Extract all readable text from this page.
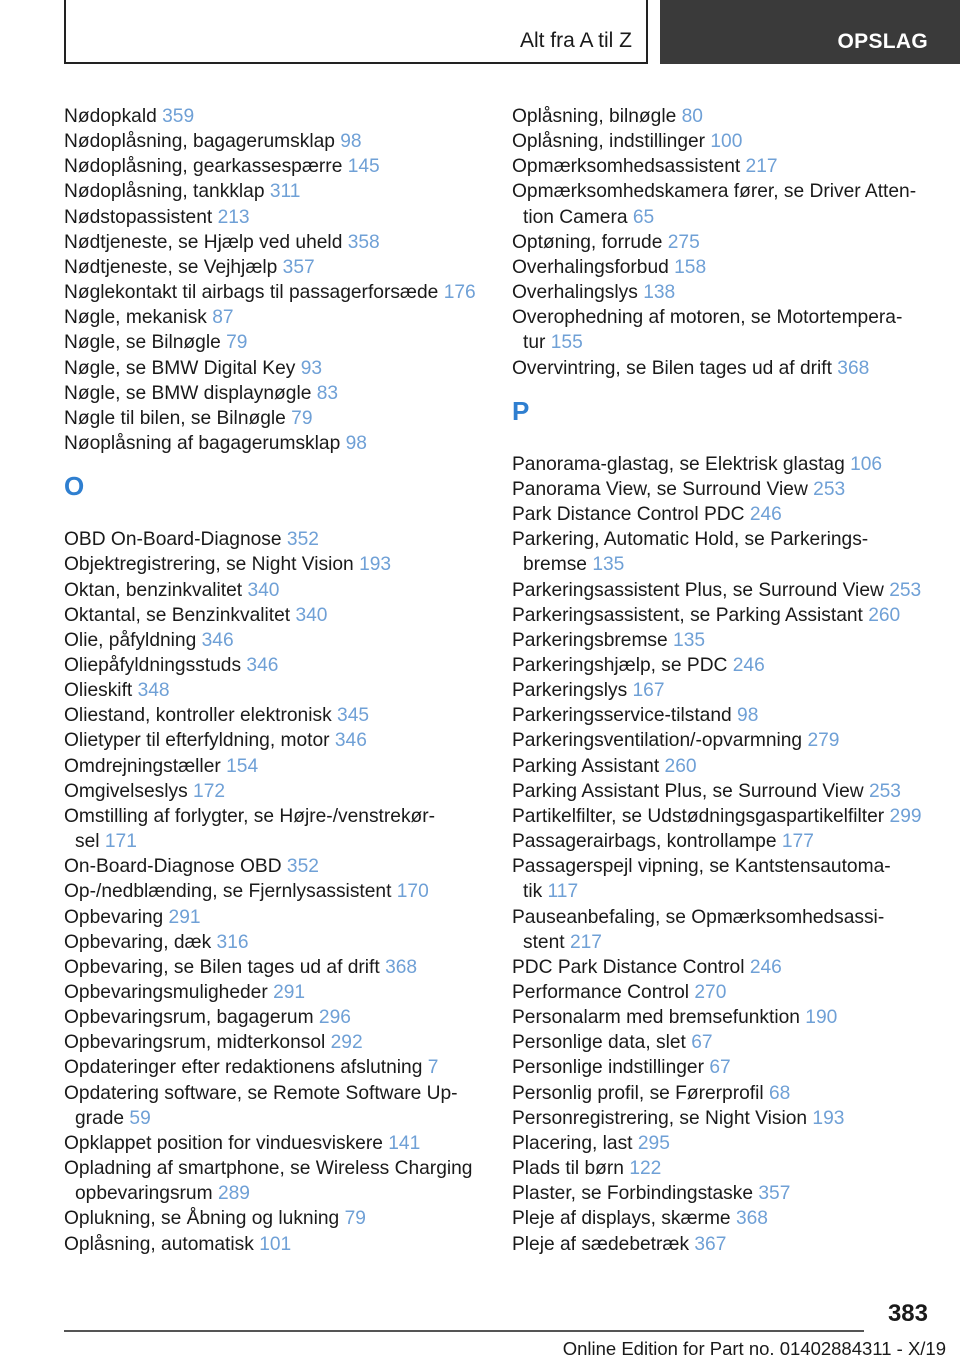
Alt fra A til Z	OPSLAG
Nødopkald 359
Nødoplåsning, bagagerumsklap 98
Nødoplåsning, gearkassespærre 145
Nødoplåsning, tankklap 311
Nødstopassistent 213
Nødtjeneste, se Hjælp ved uheld 358
Nødtjeneste, se Vejhjælp 357
Nøglekontakt til airbags til passagerforsæde 176
Nøgle, mekanisk 87
Nøgle, se Bilnøgle 79
Nøgle, se BMW Digital Key 93
Nøgle, se BMW displaynøgle 83
Nøgle til bilen, se Bilnøgle 79
Nøoplåsning af bagagerumsklap 98
O
OBD On-Board-Diagnose 352
Objektregistrering, se Night Vision 193
Oktan, benzinkvalitet 340
Oktantal, se Benzinkvalitet 340
Olie, påfyldning 346
Oliepåfyldningsstuds 346
Olieskift 348
Oliestand, kontroller elektronisk 345
Olietyper til efterfyldning, motor 346
Omdrejningstæller 154
Omgivelseslys 172
Omstilling af forlygter, se Højre-/venstrekør-
sel 171
On-Board-Diagnose OBD 352
Op-/nedblænding, se Fjernlysassistent 170
Opbevaring 291
Opbevaring, dæk 316
Opbevaring, se Bilen tages ud af drift 368
Opbevaringsmuligheder 291
Opbevaringsrum, bagagerum 296
Opbevaringsrum, midterkonsol 292
Opdateringer efter redaktionens afslutning 7
Opdatering software, se Remote Software Up-
grade 59
Opklappet position for vinduesviskere 141
Opladning af smartphone, se Wireless Charging
opbevaringsrum 289
Oplukning, se Åbning og lukning 79
Oplåsning, automatisk 101
Oplåsning, bilnøgle 80
Oplåsning, indstillinger 100
Opmærksomhedsassistent 217
Opmærksomhedskamera fører, se Driver Atten-
tion Camera 65
Optøning, forrude 275
Overhalingsforbud 158
Overhalingslys 138
Overophedning af motoren, se Motortempera-
tur 155
Overvintring, se Bilen tages ud af drift 368
P
Panorama-glastag, se Elektrisk glastag 106
Panorama View, se Surround View 253
Park Distance Control PDC 246
Parkering, Automatic Hold, se Parkerings-
bremse 135
Parkeringsassistent Plus, se Surround View 253
Parkeringsassistent, se Parking Assistant 260
Parkeringsbremse 135
Parkeringshjælp, se PDC 246
Parkeringslys 167
Parkeringsservice-tilstand 98
Parkeringsventilation/-opvarmning 279
Parking Assistant 260
Parking Assistant Plus, se Surround View 253
Partikelfilter, se Udstødningsgaspartikelfilter 299
Passagerairbags, kontrollampe 177
Passagerspejl vipning, se Kantstensautoma-
tik 117
Pauseanbefaling, se Opmærksomhedsassi-
stent 217
PDC Park Distance Control 246
Performance Control 270
Personalarm med bremsefunktion 190
Personlige data, slet 67
Personlige indstillinger 67
Personlig profil, se Førerprofil 68
Personregistrering, se Night Vision 193
Placering, last 295
Plads til børn 122
Plaster, se Forbindingstaske 357
Pleje af displays, skærme 368
Pleje af sædebetræk 367
383
Online Edition for Part no. 01402884311 - X/19
